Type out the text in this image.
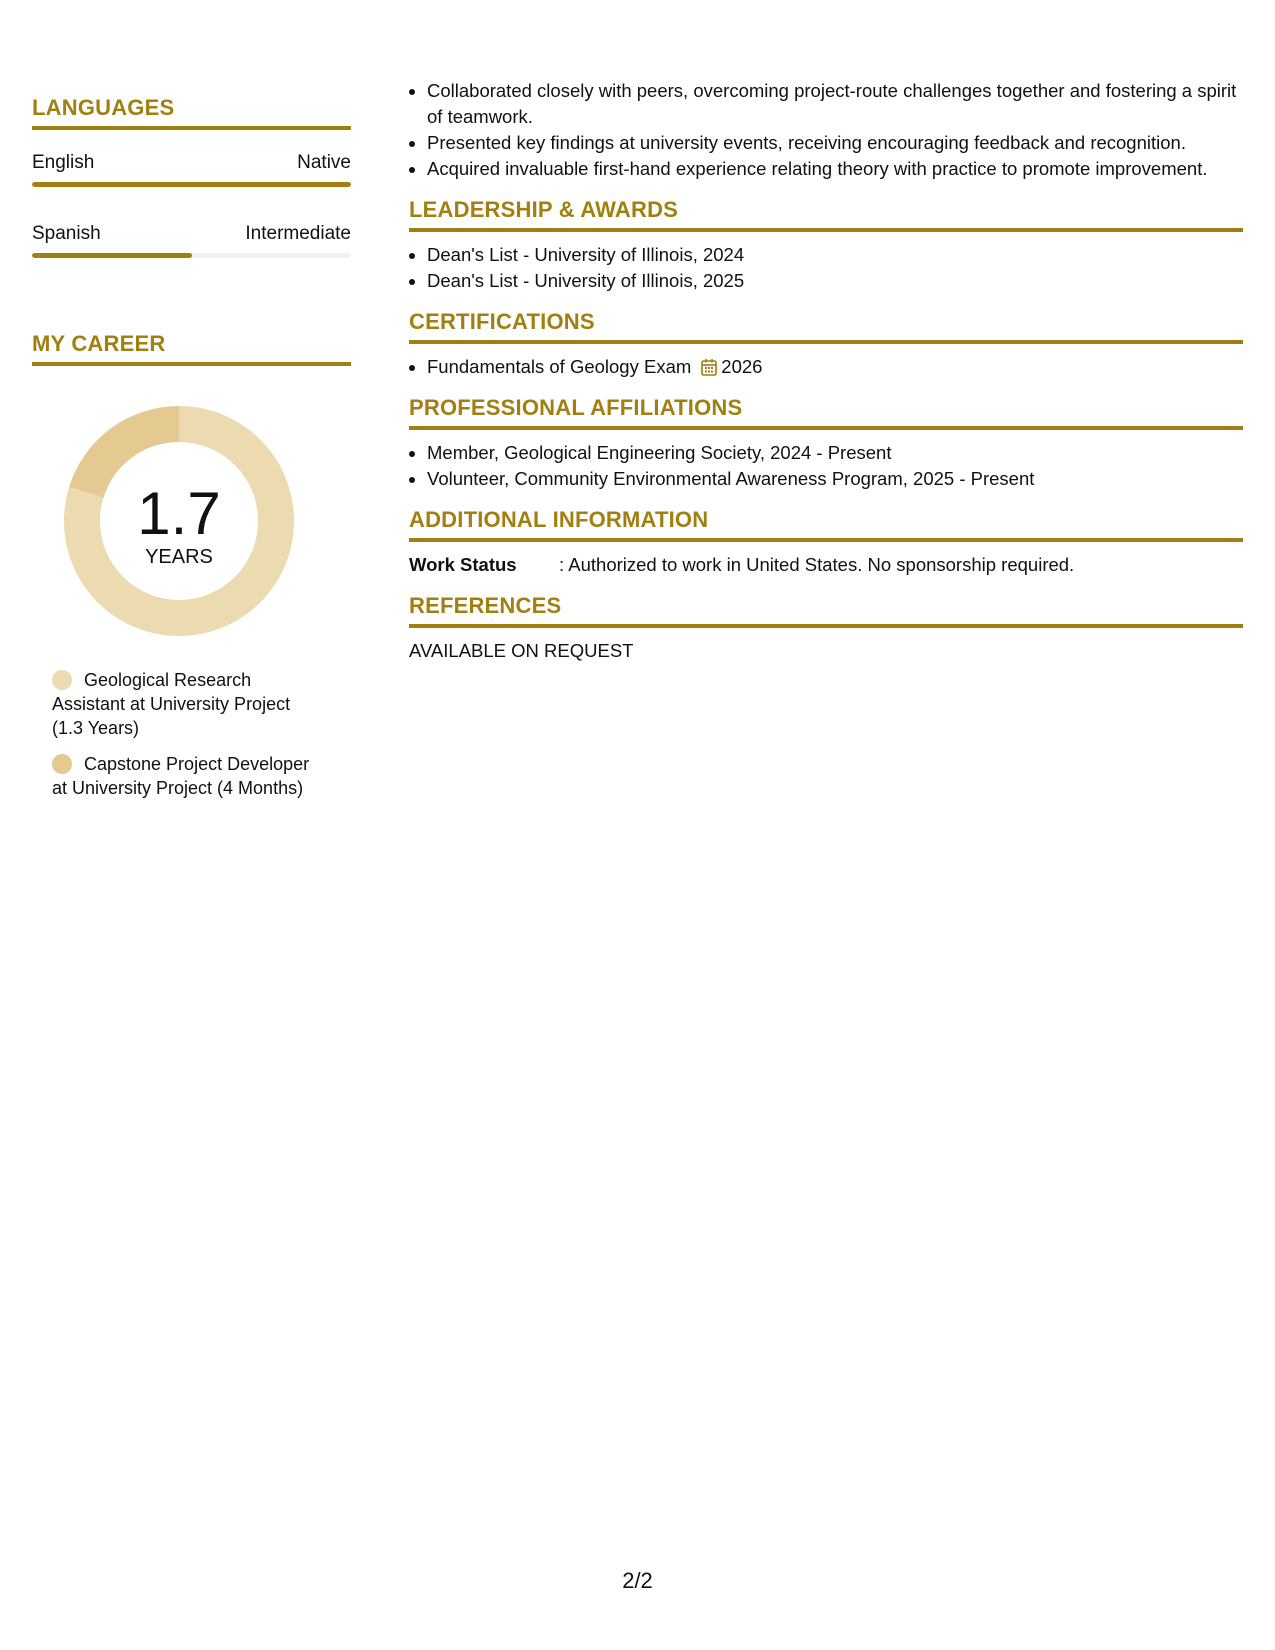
LANGUAGES
English	Native
Spanish	Intermediate
MY CAREER
1.7
YEARS
Geological Research Assistant at University Project (1.3 Years)
Capstone Project Developer at University Project (4 Months)
• Collaborated closely with peers, overcoming project-route challenges together and fostering a spirit of teamwork.
• Presented key findings at university events, receiving encouraging feedback and recognition.
• Acquired invaluable first-hand experience relating theory with practice to promote improvement.
LEADERSHIP & AWARDS
• Dean's List - University of Illinois, 2024
• Dean's List - University of Illinois, 2025
CERTIFICATIONS
• Fundamentals of Geology Exam 2026
PROFESSIONAL AFFILIATIONS
• Member, Geological Engineering Society, 2024 - Present
• Volunteer, Community Environmental Awareness Program, 2025 - Present
ADDITIONAL INFORMATION
Work Status : Authorized to work in United States. No sponsorship required.
REFERENCES
AVAILABLE ON REQUEST
2/2
